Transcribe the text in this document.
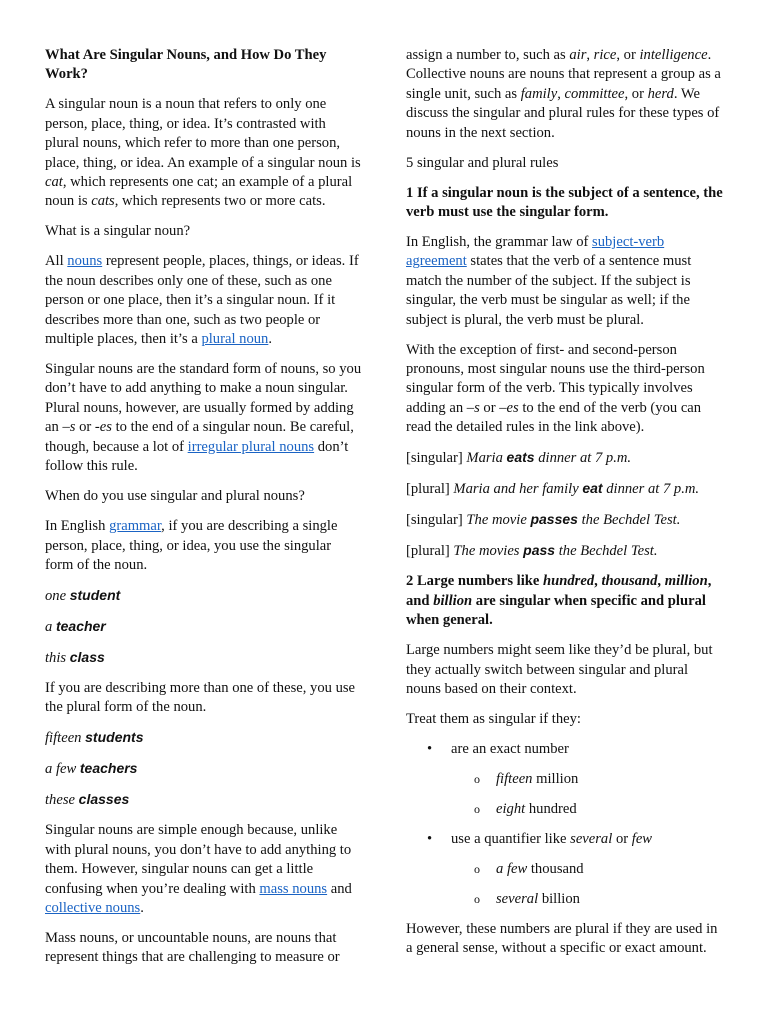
What Are Singular Nouns, and How Do They Work?

A singular noun is a noun that refers to only one person, place, thing, or idea. It’s contrasted with plural nouns, which refer to more than one person, place, thing, or idea. An example of a singular noun is cat, which represents one cat; an example of a plural noun is cats, which represents two or more cats.

What is a singular noun?

All nouns represent people, places, things, or ideas. If the noun describes only one of these, such as one person or one place, then it’s a singular noun. If it describes more than one, such as two people or multiple places, then it’s a plural noun.

Singular nouns are the standard form of nouns, so you don’t have to add anything to make a noun singular. Plural nouns, however, are usually formed by adding an –s or -es to the end of a singular noun. Be careful, though, because a lot of irregular plural nouns don’t follow this rule.

When do you use singular and plural nouns?

In English grammar, if you are describing a single person, place, thing, or idea, you use the singular form of the noun.

one student

a teacher

this class

If you are describing more than one of these, you use the plural form of the noun.

fifteen students

a few teachers

these classes

Singular nouns are simple enough because, unlike with plural nouns, you don’t have to add anything to them. However, singular nouns can get a little confusing when you’re dealing with mass nouns and collective nouns.

Mass nouns, or uncountable nouns, are nouns that represent things that are challenging to measure or

assign a number to, such as air, rice, or intelligence. Collective nouns are nouns that represent a group as a single unit, such as family, committee, or herd. We discuss the singular and plural rules for these types of nouns in the next section.

5 singular and plural rules

1 If a singular noun is the subject of a sentence, the verb must use the singular form.

In English, the grammar law of subject-verb agreement states that the verb of a sentence must match the number of the subject. If the subject is singular, the verb must be singular as well; if the subject is plural, the verb must be plural.

With the exception of first- and second-person pronouns, most singular nouns use the third-person singular form of the verb. This typically involves adding an –s or –es to the end of the verb (you can read the detailed rules in the link above).

[singular] Maria eats dinner at 7 p.m.

[plural] Maria and her family eat dinner at 7 p.m.

[singular] The movie passes the Bechdel Test.

[plural] The movies pass the Bechdel Test.

2 Large numbers like hundred, thousand, million, and billion are singular when specific and plural when general.

Large numbers might seem like they’d be plural, but they actually switch between singular and plural nouns based on their context.

Treat them as singular if they:

• are an exact number
o fifteen million
o eight hundred
• use a quantifier like several or few
o a few thousand
o several billion

However, these numbers are plural if they are used in a general sense, without a specific or exact amount.
